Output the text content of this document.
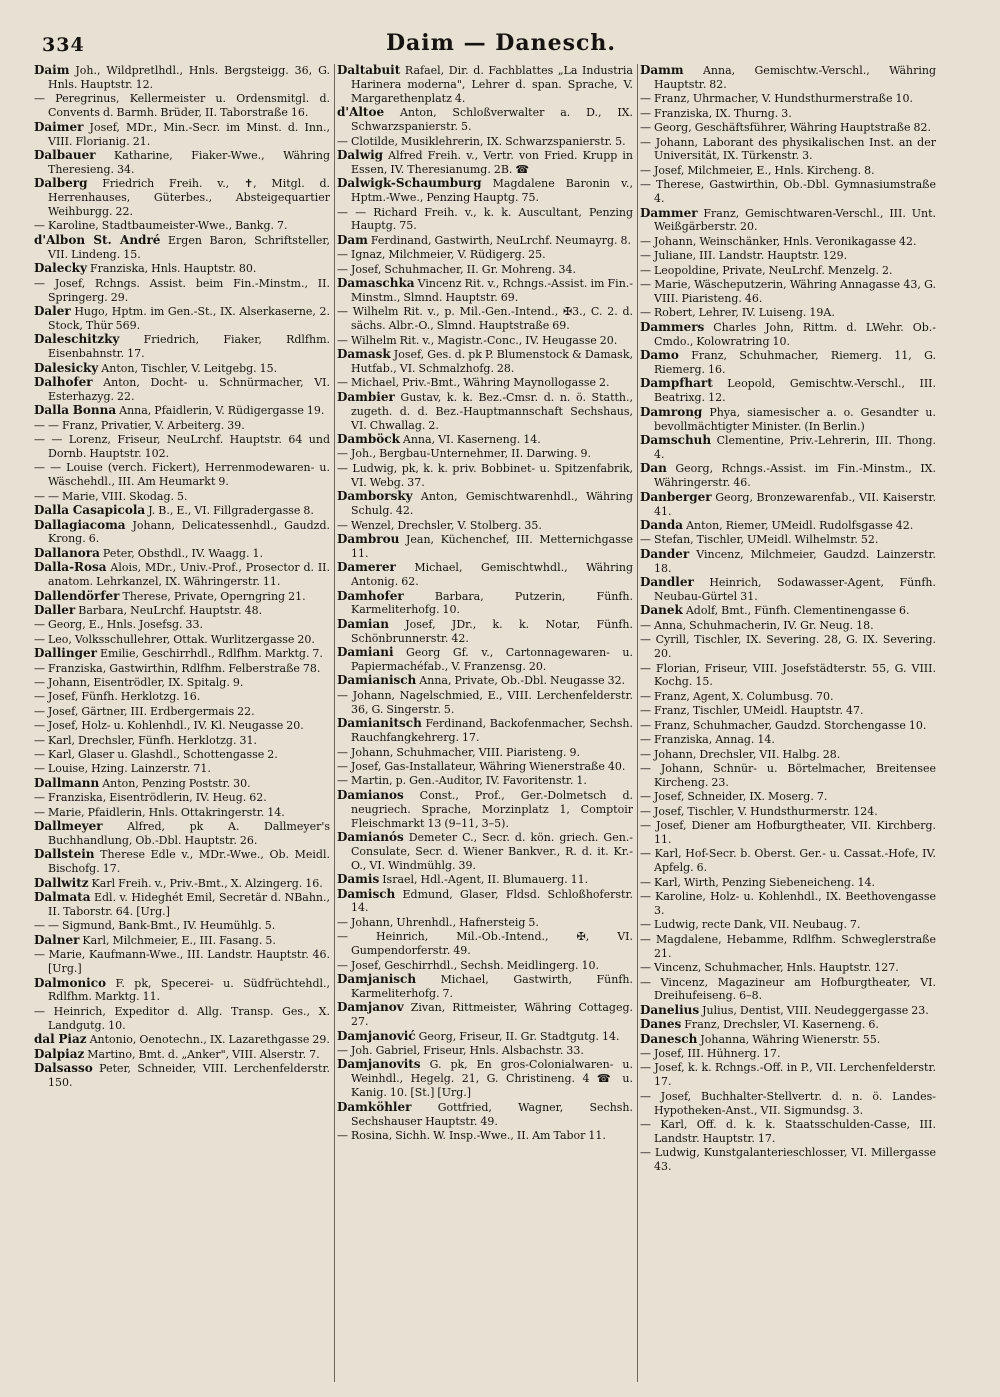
334	Daim — Danesch.
Daim Joh., Wildpretlhdl., Hnls. Bergsteigg. 36, G. Hnls. Hauptstr. 12.
— Peregrinus, Kellermeister u. Ordensmitgl. d. Convents d. Barmh. Brüder, II. Taborstraße 16.
Daimer Josef, MDr., Min.-Secr. im Minst. d. Inn., VIII. Florianig. 21.
Dalbauer Katharine, Fiaker-Wwe., Währing Theresieng. 34.
Dalberg Friedrich Freih. v., ✝, Mitgl. d. Herrenhauses, Güterbes., Absteigequartier Weihburgg. 22.
— Karoline, Stadtbaumeister-Wwe., Bankg. 7.
d'Albon St. André Ergen Baron, Schriftsteller, VII. Lindeng. 15.
Dalecky Franziska, Hnls. Hauptstr. 80.
— Josef, Rchngs. Assist. beim Fin.-Minstm., II. Springerg. 29.
Daler Hugo, Hptm. im Gen.-St., IX. Alserkaserne, 2. Stock, Thür 569.
Daleschitzky Friedrich, Fiaker, Rdlfhm. Eisenbahnstr. 17.
Dalesicky Anton, Tischler, V. Leitgebg. 15.
Dalhofer Anton, Docht- u. Schnürmacher, VI. Esterhazyg. 22.
Dalla Bonna Anna, Pfaidlerin, V. Rüdigergasse 19.
— — Franz, Privatier, V. Arbeiterg. 39.
— — Lorenz, Friseur, NeuLrchf. Hauptstr. 64 und Dornb. Hauptstr. 102.
— — Louise (verch. Fickert), Herrenmodewaren- u. Wäschehdl., III. Am Heumarkt 9.
— — Marie, VIII. Skodag. 5.
Dalla Casapicola J. B., E., VI. Fillgradergasse 8.
Dallagiacoma Johann, Delicatessenhdl., Gaudzd. Krong. 6.
Dallanora Peter, Obsthdl., IV. Waagg. 1.
Dalla-Rosa Alois, MDr., Univ.-Prof., Prosector d. II. anatom. Lehrkanzel, IX. Währingerstr. 11.
Dallendörfer Therese, Private, Operngring 21.
Daller Barbara, NeuLrchf. Hauptstr. 48.
— Georg, E., Hnls. Josefsg. 33.
— Leo, Volksschullehrer, Ottak. Wurlitzergasse 20.
Dallinger Emilie, Geschirrhdl., Rdlfhm. Marktg. 7.
— Franziska, Gastwirthin, Rdlfhm. Felberstraße 78.
— Johann, Eisentrödler, IX. Spitalg. 9.
— Josef, Fünfh. Herklotzg. 16.
— Josef, Gärtner, III. Erdbergermais 22.
— Josef, Holz- u. Kohlenhdl., IV. Kl. Neugasse 20.
— Karl, Drechsler, Fünfh. Herklotzg. 31.
— Karl, Glaser u. Glashdl., Schottengasse 2.
— Louise, Hzing. Lainzerstr. 71.
Dallmann Anton, Penzing Poststr. 30.
— Franziska, Eisentrödlerin, IV. Heug. 62.
— Marie, Pfaidlerin, Hnls. Ottakringerstr. 14.
Dallmeyer Alfred, pk A. Dallmeyer's Buchhandlung, Ob.-Dbl. Hauptstr. 26.
Dallstein Therese Edle v., MDr.-Wwe., Ob. Meidl. Bischofg. 17.
Dallwitz Karl Freih. v., Priv.-Bmt., X. Alzingerg. 16.
Dalmata Edl. v. Hideghét Emil, Secretär d. NBahn., II. Taborstr. 64. [Urg.]
— — Sigmund, Bank-Bmt., IV. Heumühlg. 5.
Dalner Karl, Milchmeier, E., III. Fasang. 5.
— Marie, Kaufmann-Wwe., III. Landstr. Hauptstr. 46. [Urg.]
Dalmonico F. pk, Specerei- u. Südfrüchtehdl., Rdlfhm. Marktg. 11.
— Heinrich, Expeditor d. Allg. Transp. Ges., X. Landgutg. 10.
dal Piaz Antonio, Oenotechn., IX. Lazarethgasse 29.
Dalpiaz Martino, Bmt. d. „Anker", VIII. Alserstr. 7.
Dalsasso Peter, Schneider, VIII. Lerchenfelderstr. 150.
Daltabuit Rafael, Dir. d. Fachblattes „La Industria Harinera moderna", Lehrer d. span. Sprache, V. Margarethenplatz 4.
d'Altoe Anton, Schloßverwalter a. D., IX. Schwarzspanierstr. 5.
— Clotilde, Musiklehrerin, IX. Schwarzspanierstr. 5.
Dalwig Alfred Freih. v., Vertr. von Fried. Krupp in Essen, IV. Theresianumg. 2B. ☎
Dalwigk-Schaumburg Magdalene Baronin v., Hptm.-Wwe., Penzing Hauptg. 75.
— — Richard Freih. v., k. k. Auscultant, Penzing Hauptg. 75.
Dam Ferdinand, Gastwirth, NeuLrchf. Neumayrg. 8.
— Ignaz, Milchmeier, V. Rüdigerg. 25.
— Josef, Schuhmacher, II. Gr. Mohreng. 34.
Damaschka Vincenz Rit. v., Rchngs.-Assist. im Fin.-Minstm., Slmnd. Hauptstr. 69.
— Wilhelm Rit. v., p. Mil.-Gen.-Intend., ✠3., C. 2. d. sächs. Albr.-O., Slmnd. Hauptstraße 69.
— Wilhelm Rit. v., Magistr.-Conc., IV. Heugasse 20.
Damask Josef, Ges. d. pk P. Blumenstock & Damask, Hutfab., VI. Schmalzhofg. 28.
— Michael, Priv.-Bmt., Währing Maynollogasse 2.
Dambier Gustav, k. k. Bez.-Cmsr. d. n. ö. Statth., zugeth. d. d. Bez.-Hauptmannschaft Sechshaus, VI. Chwallag. 2.
Damböck Anna, VI. Kaserneng. 14.
— Joh., Bergbau-Unternehmer, II. Darwing. 9.
— Ludwig, pk, k. k. priv. Bobbinet- u. Spitzenfabrik, VI. Webg. 37.
Damborsky Anton, Gemischtwarenhdl., Währing Schulg. 42.
— Wenzel, Drechsler, V. Stolberg. 35.
Dambrou Jean, Küchenchef, III. Metternichgasse 11.
Damerer Michael, Gemischtwhdl., Währing Antonig. 62.
Damhofer	Barbara, Putzerin, Fünfh. Karmeliterhofg. 10.
Damian Josef, JDr., k. k. Notar, Fünfh. Schönbrunnerstr. 42.
Damiani Georg Gf. v., Cartonnagewaren- u. Papiermachéfab., V. Franzensg. 20.
Damianisch Anna, Private, Ob.-Dbl. Neugasse 32.
— Johann, Nagelschmied, E., VIII. Lerchenfelderstr. 36, G. Singerstr. 5.
Damianitsch Ferdinand, Backofenmacher, Sechsh. Rauchfangkehrerg. 17.
— Johann, Schuhmacher, VIII. Piaristeng. 9.
— Josef, Gas-Installateur, Währing Wienerstraße 40.
— Martin, p. Gen.-Auditor, IV. Favoritenstr. 1.
Damianos Const., Prof., Ger.-Dolmetsch d. neugriech. Sprache, Morzinplatz 1, Comptoir Fleischmarkt 13 (9–11, 3–5).
Damianós Demeter C., Secr. d. kön. griech. Gen.-Consulate, Secr. d. Wiener Bankver., R. d. it. Kr.-O., VI. Windmühlg. 39.
Damis Israel, Hdl.-Agent, II. Blumauerg. 11.
Damisch Edmund, Glaser, Fldsd. Schloßhoferstr. 14.
— Johann, Uhrenhdl., Hafnersteig 5.
— Heinrich, Mil.-Ob.-Intend., ✠, VI. Gumpendorferstr. 49.
— Josef, Geschirrhdl., Sechsh. Meidlingerg. 10.
Damjanisch Michael, Gastwirth, Fünfh. Karmeliterhofg. 7.
Damjanov Zivan, Rittmeister, Währing Cottageg. 27.
Damjanović Georg, Friseur, II. Gr. Stadtgutg. 14.
— Joh. Gabriel, Friseur, Hnls. Alsbachstr. 33.
Damjanovits G. pk, En gros-Colonialwaren- u. Weinhdl., Hegelg. 21, G. Christineng. 4 ☎ u. Kanig. 10. [St.] [Urg.]
Damköhler Gottfried, Wagner, Sechsh. Sechshauser Hauptstr. 49.
— Rosina, Sichh. W. Insp.-Wwe., II. Am Tabor 11.
Damm Anna, Gemischtw.-Verschl., Währing Hauptstr. 82.
— Franz, Uhrmacher, V. Hundsthurmerstraße 10.
— Franziska, IX. Thurng. 3.
— Georg, Geschäftsführer, Währing Hauptstraße 82.
— Johann, Laborant des physikalischen Inst. an der Universität, IX. Türkenstr. 3.
— Josef, Milchmeier, E., Hnls. Kircheng. 8.
— Therese, Gastwirthin, Ob.-Dbl. Gymnasiumstraße 4.
Dammer Franz, Gemischtwaren-Verschl., III. Unt. Weißgärberstr. 20.
— Johann, Weinschänker, Hnls. Veronikagasse 42.
— Juliane, III. Landstr. Hauptstr. 129.
— Leopoldine, Private, NeuLrchf. Menzelg. 2.
— Marie, Wäscheputzerin, Währing Annagasse 43, G. VIII. Piaristeng. 46.
— Robert, Lehrer, IV. Luiseng. 19A.
Dammers Charles John, Rittm. d. LWehr. Ob.-Cmdo., Kolowratring 10.
Damo Franz, Schuhmacher, Riemerg. 11, G. Riemerg. 16.
Dampfhart Leopold, Gemischtw.-Verschl., III. Beatrixg. 12.
Damrong Phya, siamesischer a. o. Gesandter u. bevollmächtigter Minister. (In Berlin.)
Damschuh Clementine, Priv.-Lehrerin, III. Thong. 4.
Dan Georg, Rchngs.-Assist. im Fin.-Minstm., IX. Währingerstr. 46.
Danberger Georg, Bronzewarenfab., VII. Kaiserstr. 41.
Danda Anton, Riemer, UMeidl. Rudolfsgasse 42.
— Stefan, Tischler, UMeidl. Wilhelmstr. 52.
Dander Vincenz, Milchmeier, Gaudzd. Lainzerstr. 18.
Dandler Heinrich, Sodawasser-Agent, Fünfh. Neubau-Gürtel 31.
Danek Adolf, Bmt., Fünfh. Clementinengasse 6.
— Anna, Schuhmacherin, IV. Gr. Neug. 18.
— Cyrill, Tischler, IX. Severing. 28, G. IX. Severing. 20.
— Florian, Friseur, VIII. Josefstädterstr. 55, G. VIII. Kochg. 15.
— Franz, Agent, X. Columbusg. 70.
— Franz, Tischler, UMeidl. Hauptstr. 47.
— Franz, Schuhmacher, Gaudzd. Storchengasse 10.
— Franziska, Annag. 14.
— Johann, Drechsler, VII. Halbg. 28.
— Johann, Schnür- u. Börtelmacher, Breitensee Kircheng. 23.
— Josef, Schneider, IX. Moserg. 7.
— Josef, Tischler, V. Hundsthurmerstr. 124.
— Josef, Diener am Hofburgtheater, VII. Kirchberg. 11.
— Karl, Hof-Secr. b. Oberst. Ger.- u. Cassat.-Hofe, IV. Apfelg. 6.
— Karl, Wirth, Penzing Siebeneicheng. 14.
— Karoline, Holz- u. Kohlenhdl., IX. Beethovengasse 3.
— Ludwig, recte Dank, VII. Neubaug. 7.
— Magdalene, Hebamme, Rdlfhm. Schweglerstraße 21.
— Vincenz, Schuhmacher, Hnls. Hauptstr. 127.
— Vincenz, Magazineur am Hofburgtheater, VI. Dreihufeiseng. 6–8.
Danelius Julius, Dentist, VIII. Neudeggergasse 23.
Danes Franz, Drechsler, VI. Kaserneng. 6.
Danesch Johanna, Währing Wienerstr. 55.
— Josef, III. Hühnerg. 17.
— Josef, k. k. Rchngs.-Off. in P., VII. Lerchenfelderstr. 17.
— Josef, Buchhalter-Stellvertr. d. n. ö. Landes-Hypotheken-Anst., VII. Sigmundsg. 3.
— Karl, Off. d. k. k. Staatsschulden-Casse, III. Landstr. Hauptstr. 17.
— Ludwig, Kunstgalanterieschlosser, VI. Millergasse 43.
